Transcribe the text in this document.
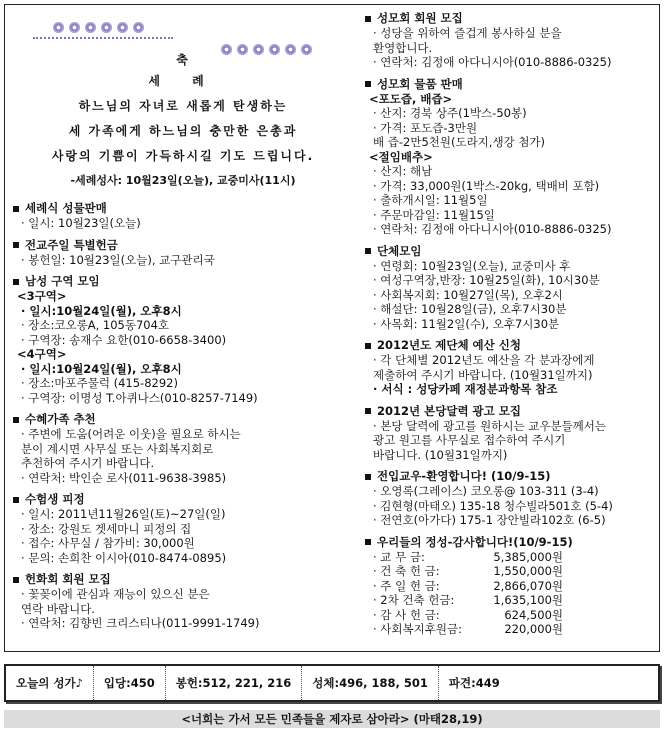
축
세 례
하느님의 자녀로 새롭게 탄생하는
세 가족에게 하느님의 충만한 은총과
사랑의 기쁨이 가득하시길 기도 드립니다.
-세례성사: 10월23일(오늘), 교중미사(11시)
세례식 성물판매
· 일시: 10월23일(오늘)
전교주일 특별헌금
· 봉헌일: 10월23일(오늘), 교구관리국
남성 구역 모임
<3구역>
· 일시:10월24일(월), 오후8시
· 장소:코오롱A, 105동704호
· 구역장: 송재수 요한(010-6658-3400)
<4구역>
· 일시:10월24일(월), 오후8시
· 장소:마포주물럭 (415-8292)
· 구역장: 이명성 T.아퀴나스(010-8257-7149)
수혜가족 추천
· 주변에 도움(어려운 이웃)을 필요로 하시는
분이 계시면 사무실 또는 사회복지회로
추천하여 주시기 바랍니다.
· 연락처: 박인순 로사(011-9638-3985)
수험생 피정
· 일시: 2011년11월26일(토)~27일(일)
· 장소: 강원도 겟세마니 피정의 집
· 접수: 사무실 / 참가비: 30,000원
· 문의: 손희찬 이시아(010-8474-0895)
헌화회 회원 모집
· 꽃꽂이에 관심과 재능이 있으신 분은
연락 바랍니다.
· 연락처: 김향빈 크리스티나(011-9991-1749)
성모회 회원 모집
· 성당을 위하여 즐겁게 봉사하실 분을
환영합니다.
· 연락처: 김정애 아다니시아(010-8886-0325)
성모회 물품 판매
<포도즙, 배즙>
· 산지: 경북 상주(1박스-50봉)
· 가격: 포도즙-3만원
배 즙-2만5천원(도라지,생강 첨가)
<절임배추>
· 산지: 해남
· 가격: 33,000원(1박스-20kg, 택배비 포함)
· 출하개시일: 11월5일
· 주문마감일: 11월15일
· 연락처: 김정애 아다니시아(010-8886-0325)
단체모임
· 연령회: 10월23일(오늘), 교중미사 후
· 여성구역장,반장: 10월25일(화), 10시30분
· 사회복지회: 10월27일(목), 오후2시
· 해설단: 10월28일(금), 오후7시30분
· 사목회: 11월2일(수), 오후7시30분
2012년도 제단체 예산 신청
· 각 단체별 2012년도 예산을 각 분과장에게
제출하여 주시기 바랍니다. (10월31일까지)
· 서식 : 성당카페 재정분과항목 참조
2012년 본당달력 광고 모집
· 본당 달력에 광고를 원하시는 교우분들께서는
광고 원고를 사무실로 접수하여 주시기
바랍니다. (10월31일까지)
전입교우-환영합니다! (10/9-15)
· 오영록(그레이스) 코오롱@ 103-311 (3-4)
· 김현형(마태오) 135-18 청수빌라501호 (5-4)
· 전연호(아가다) 175-1 장안빌라102호 (6-5)
우리들의 정성-감사합니다!(10/9-15)
· 교 무 금:	5,385,000원
· 건 축 헌 금:	1,550,000원
· 주 일 헌 금:	2,866,070원
· 2차 건축 헌금:	1,635,100원
· 감 사 헌 금:	624,500원
· 사회복지후원금:	220,000원
오늘의 성가♪	입당:450	봉헌:512, 221, 216	성체:496, 188, 501	파견:449
<너희는 가서 모든 민족들을 제자로 삼아라> (마태28,19)
